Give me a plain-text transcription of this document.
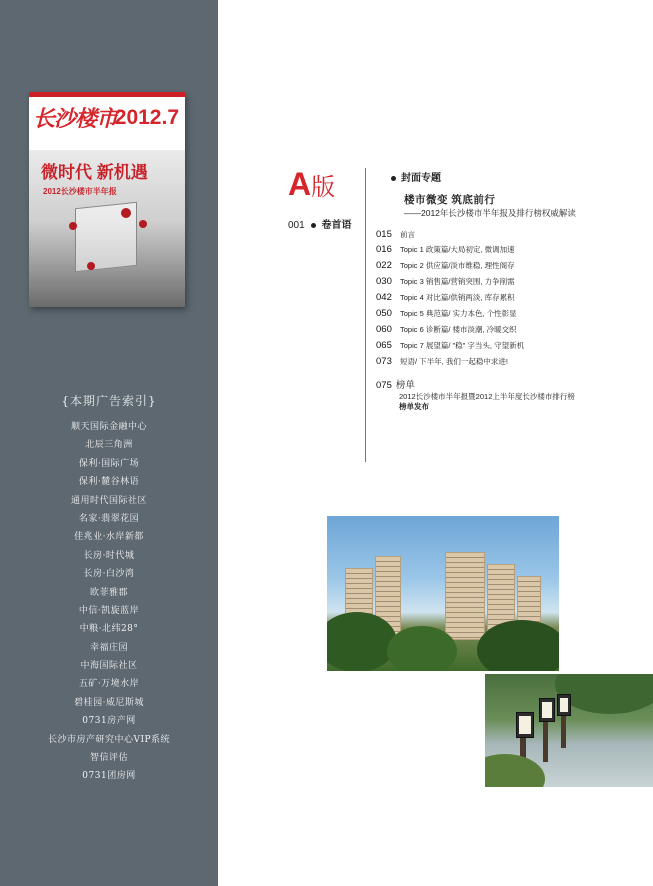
长沙楼市
2012.7
微时代 新机遇
2012长沙楼市半年报
{本期广告索引}
顺天国际金融中心
北辰三角洲
保利·国际广场
保利·麓谷林语
通用时代国际社区
名家·翡翠花园
佳兆业·水岸新都
长房·时代城
长房·白沙湾
欧菲雅郡
中信·凯旋蓝岸
中粮·北纬28°
幸福庄园
中海国际社区
五矿·万境水岸
碧桂园·威尼斯城
0731房产网
长沙市房产研究中心VIP系统
智信评估
0731团房网
A版
001 卷首语
封面专题
楼市微变 筑底前行
——2012年长沙楼市半年报及排行榜权威解读
015 前言
016 Topic 1 政策篇/大局初定, 微调加速
022 Topic 2 供应篇/淡市维稳, 理性阁存
030 Topic 3 销售篇/营销突围, 力争削需
042 Topic 4 对比篇/供销两淡, 库存累积
050 Topic 5 典范篇/ 实力本色, 个性彰显
060 Topic 6 诊断篇/ 楼市淡潮, 冷暖交织
065 Topic 7 展望篇/ "稳" 字当头, 守望新机
073 短语/ 下半年, 我们一起稳中求进!
075 榜单
2012长沙楼市半年报暨2012上半年度长沙楼市排行榜
榜单发布
